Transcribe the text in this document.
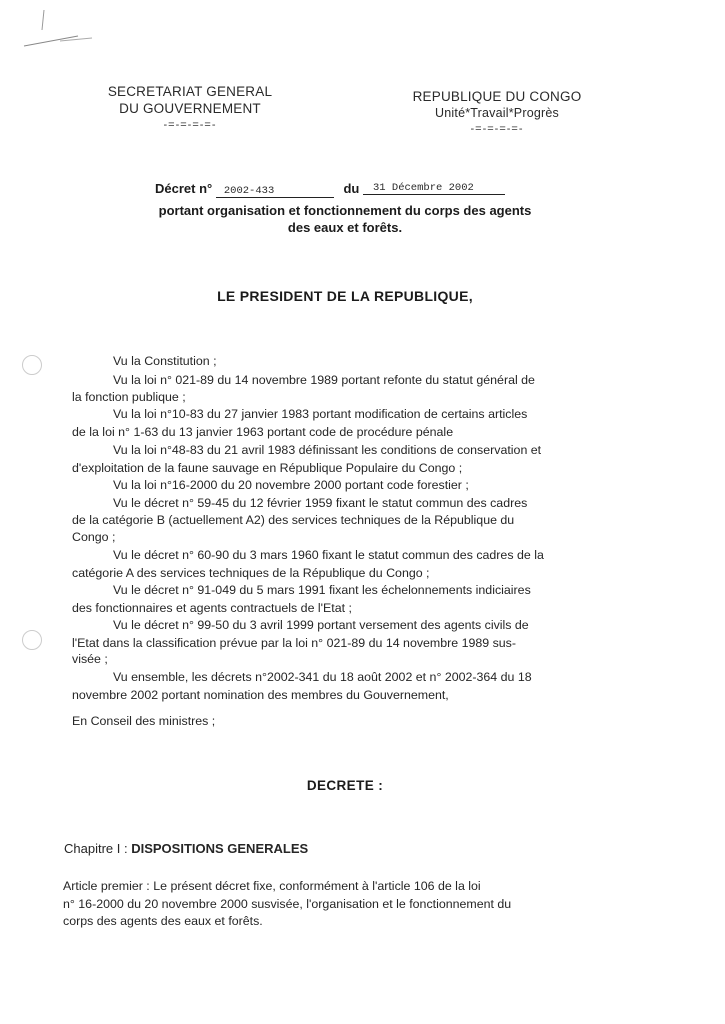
SECRETARIAT GENERAL
DU GOUVERNEMENT
-=-=-=-=-
REPUBLIQUE DU CONGO
Unité*Travail*Progrès
-=-=-=-=-
Décret n° 2002-433	du 31 Décembre 2002
portant organisation et fonctionnement du corps des agents
des eaux et forêts.
LE PRESIDENT DE LA REPUBLIQUE,
Vu la Constitution ;
Vu la loi n° 021-89 du 14 novembre 1989 portant refonte du statut général de
la fonction publique ;
Vu la loi n°10-83 du 27 janvier 1983 portant modification de certains articles
de la loi n° 1-63 du 13 janvier 1963 portant code de procédure pénale
Vu la loi n°48-83 du 21 avril 1983 définissant les conditions de conservation et
d'exploitation de la faune sauvage en République Populaire du Congo ;
Vu la loi n°16-2000 du 20 novembre 2000 portant code forestier ;
Vu le décret n° 59-45 du 12 février 1959 fixant le statut commun des cadres
de la catégorie B (actuellement A2) des services techniques de la République du
Congo ;
Vu le décret n° 60-90 du 3 mars 1960 fixant le statut commun des cadres de la
catégorie A des services techniques de la République du Congo ;
Vu le décret n° 91-049 du 5 mars 1991 fixant les échelonnements indiciaires
des fonctionnaires et agents contractuels de l'Etat ;
Vu le décret n° 99-50 du 3 avril 1999 portant versement des agents civils de
l'Etat dans la classification prévue par la loi n° 021-89 du 14 novembre 1989 sus-
visée ;
Vu ensemble, les décrets n°2002-341 du 18 août 2002 et n° 2002-364 du 18
novembre 2002 portant nomination des membres du Gouvernement,
En Conseil des ministres ;
DECRETE :
Chapitre I : DISPOSITIONS GENERALES
Article premier : Le présent décret fixe, conformément à l'article 106 de la loi
n° 16-2000 du 20 novembre 2000 susvisée, l'organisation et le fonctionnement du
corps des agents des eaux et forêts.
